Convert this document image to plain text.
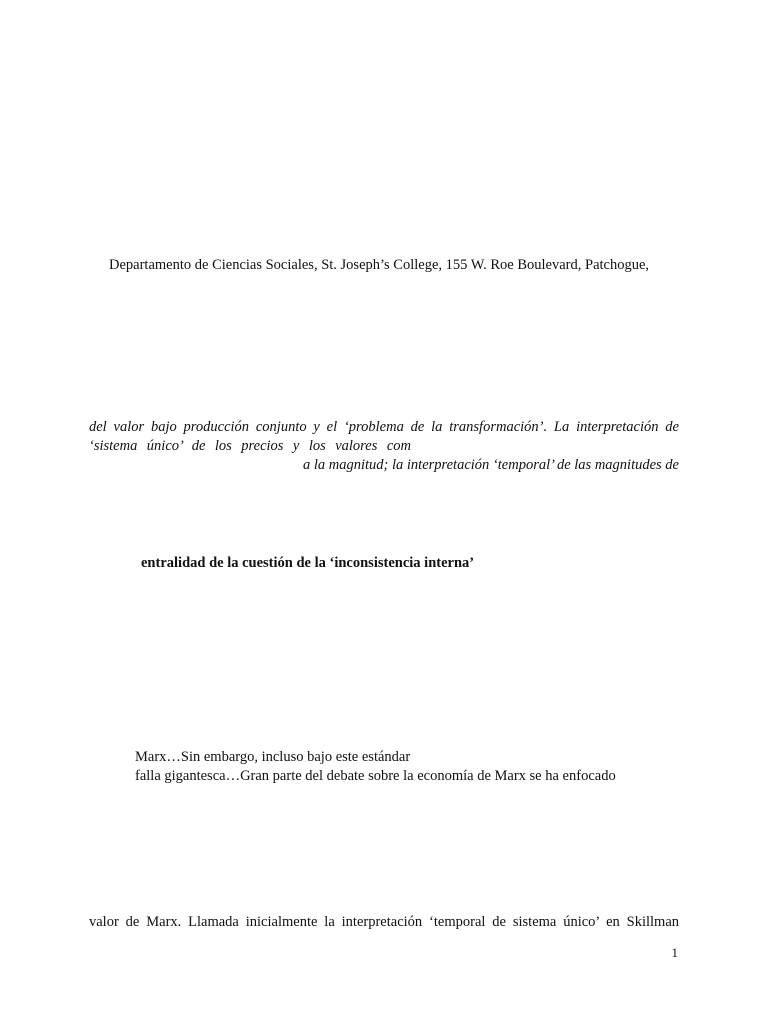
Departamento de Ciencias Sociales, St. Joseph’s College, 155 W. Roe Boulevard, Patchogue,
del valor bajo producción conjunto y el ‘problema de la transformación’. La interpretación de
‘sistema único’ de los precios y los valores com
a la magnitud; la interpretación ‘temporal’ de las magnitudes de
entralidad de la cuestión de la ‘inconsistencia interna’
Marx…Sin embargo, incluso bajo este estándar
falla gigantesca…Gran parte del debate sobre la economía de Marx se ha enfocado
valor de Marx. Llamada inicialmente la interpretación ‘temporal de sistema único’ en Skillman
1
